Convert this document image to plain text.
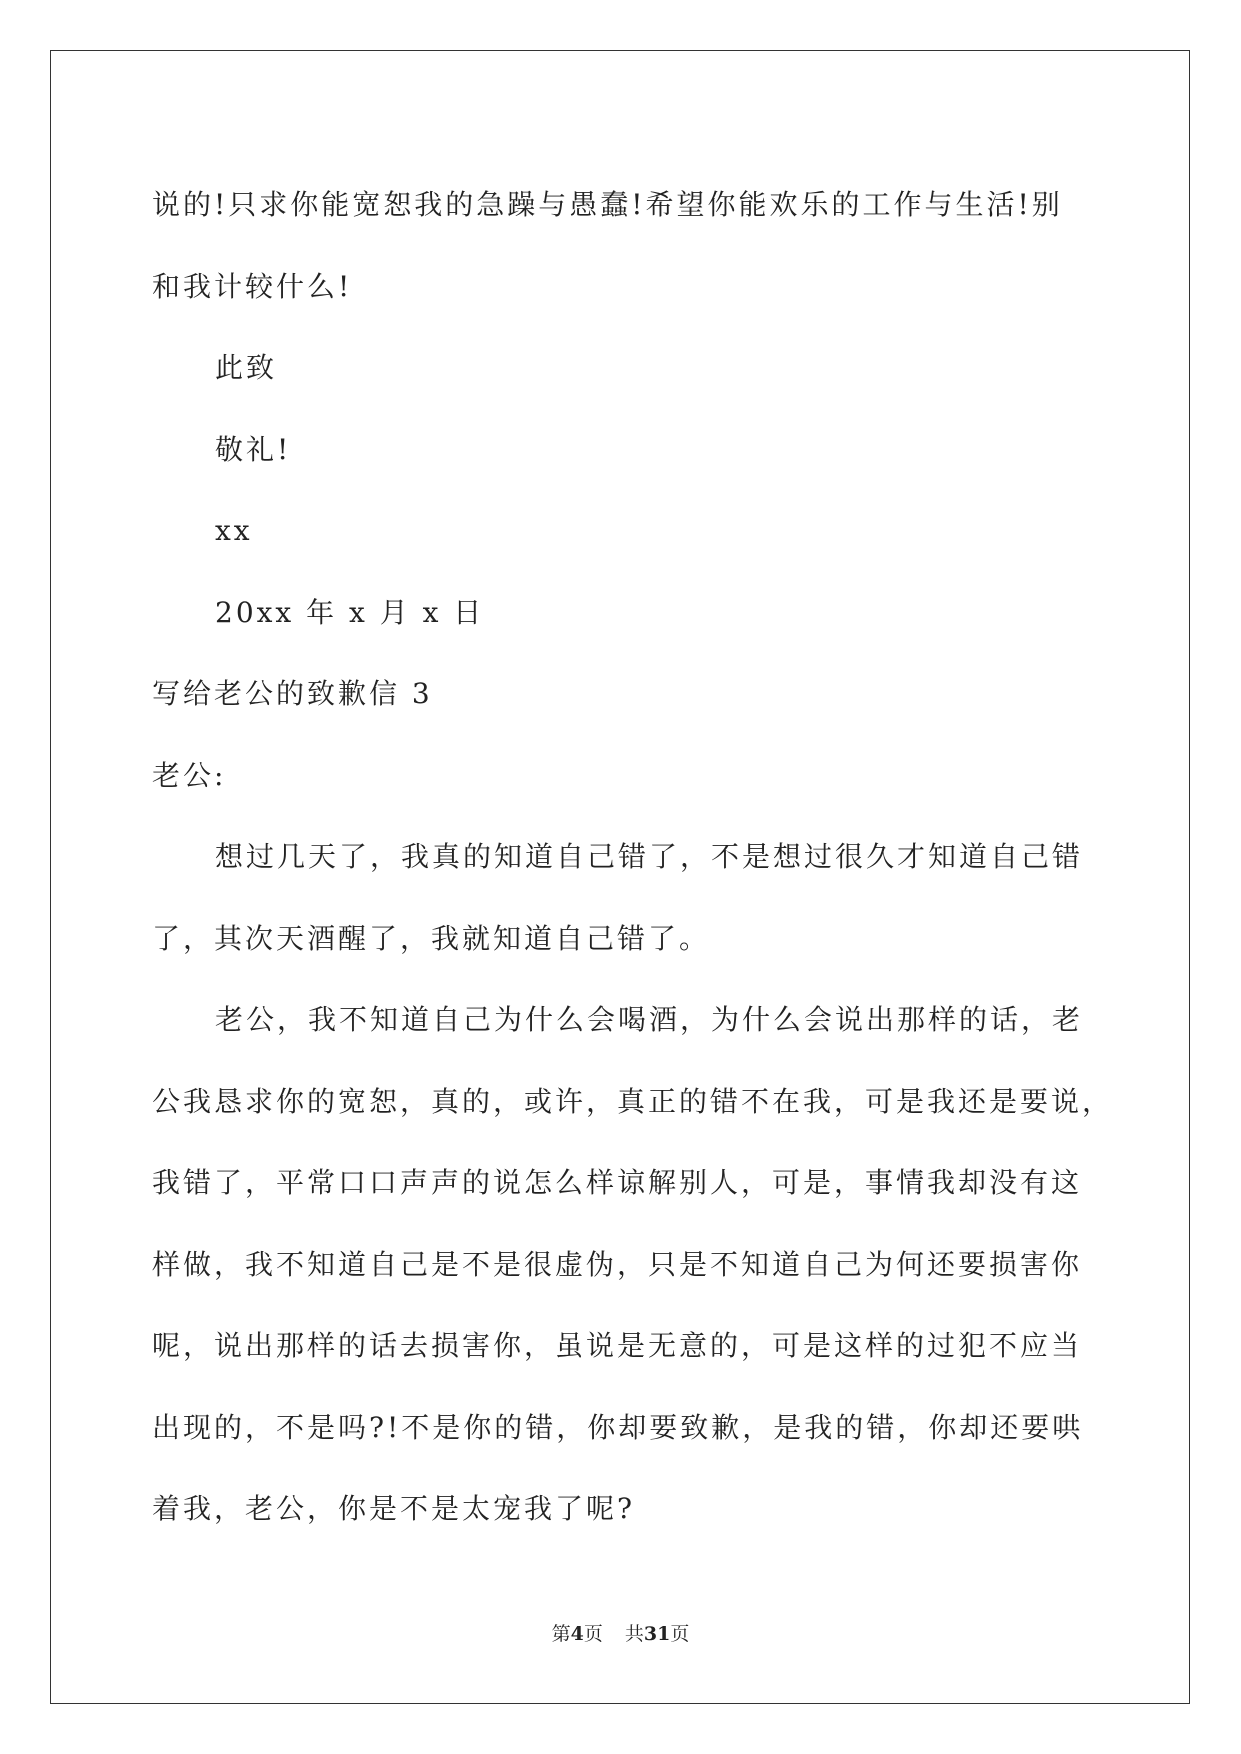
说的!只求你能宽恕我的急躁与愚蠢!希望你能欢乐的工作与生活!别
和我计较什么!
此致
敬礼!
xx
20xx 年 x 月 x 日
写给老公的致歉信 3
老公:
想过几天了，我真的知道自己错了，不是想过很久才知道自己错
了，其次天酒醒了，我就知道自己错了。
老公，我不知道自己为什么会喝酒，为什么会说出那样的话，老
公我恳求你的宽恕，真的，或许，真正的错不在我，可是我还是要说，
我错了，平常口口声声的说怎么样谅解别人，可是，事情我却没有这
样做，我不知道自己是不是很虚伪，只是不知道自己为何还要损害你
呢，说出那样的话去损害你，虽说是无意的，可是这样的过犯不应当
出现的，不是吗?!不是你的错，你却要致歉，是我的错，你却还要哄
着我，老公，你是不是太宠我了呢?
第4页 共31页
